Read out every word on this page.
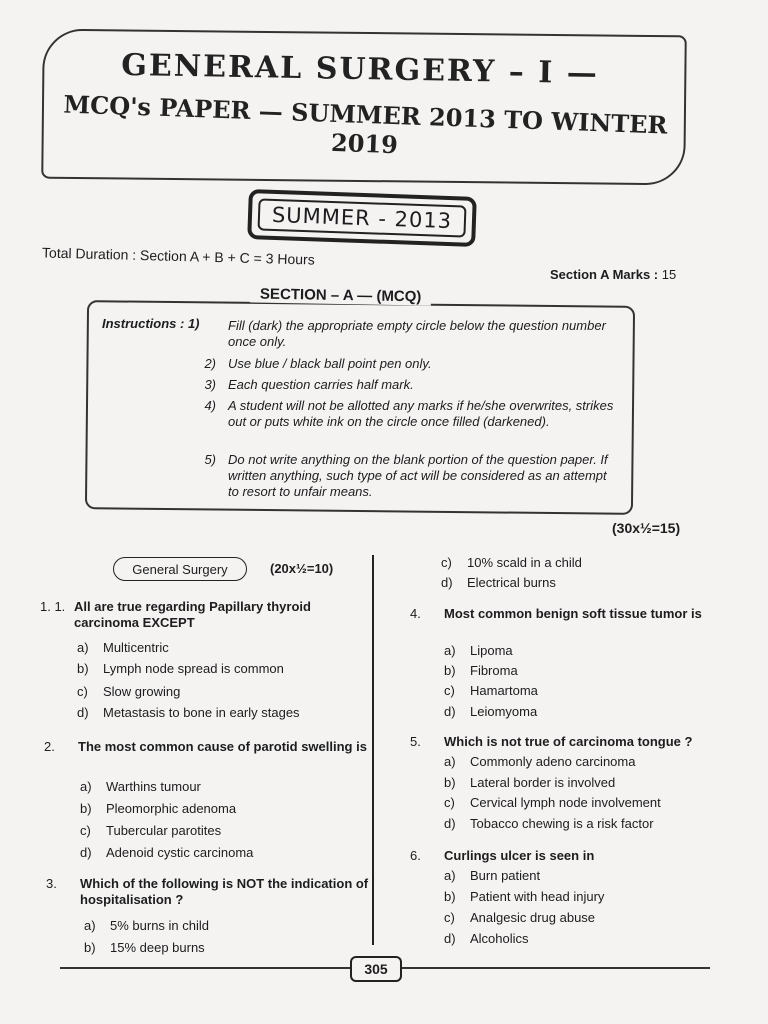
GENERAL SURGERY – I —
MCQ's PAPER — SUMMER 2013 TO WINTER 2019
SUMMER - 2013
Total Duration : Section A + B + C = 3 Hours
Section A Marks : 15
SECTION – A — (MCQ)
Instructions : 1) Fill (dark) the appropriate empty circle below the question number once only.
2) Use blue / black ball point pen only.
3) Each question carries half mark.
4) A student will not be allotted any marks if he/she overwrites, strikes out or puts white ink on the circle once filled (darkened).
5) Do not write anything on the blank portion of the question paper. If written anything, such type of act will be considered as an attempt to resort to unfair means.
(30x½=15)
General Surgery	(20x½=10)
1. 1. All are true regarding Papillary thyroid carcinoma EXCEPT
a) Multicentric
b) Lymph node spread is common
c) Slow growing
d) Metastasis to bone in early stages
2. The most common cause of parotid swelling is
a) Warthins tumour
b) Pleomorphic adenoma
c) Tubercular parotites
d) Adenoid cystic carcinoma
3. Which of the following is NOT the indication of hospitalisation ?
a) 5% burns in child
b) 15% deep burns
c) 10% scald in a child
d) Electrical burns
4. Most common benign soft tissue tumor is
a) Lipoma
b) Fibroma
c) Hamartoma
d) Leiomyoma
5. Which is not true of carcinoma tongue ?
a) Commonly adeno carcinoma
b) Lateral border is involved
c) Cervical lymph node involvement
d) Tobacco chewing is a risk factor
6. Curlings ulcer is seen in
a) Burn patient
b) Patient with head injury
c) Analgesic drug abuse
d) Alcoholics
305
